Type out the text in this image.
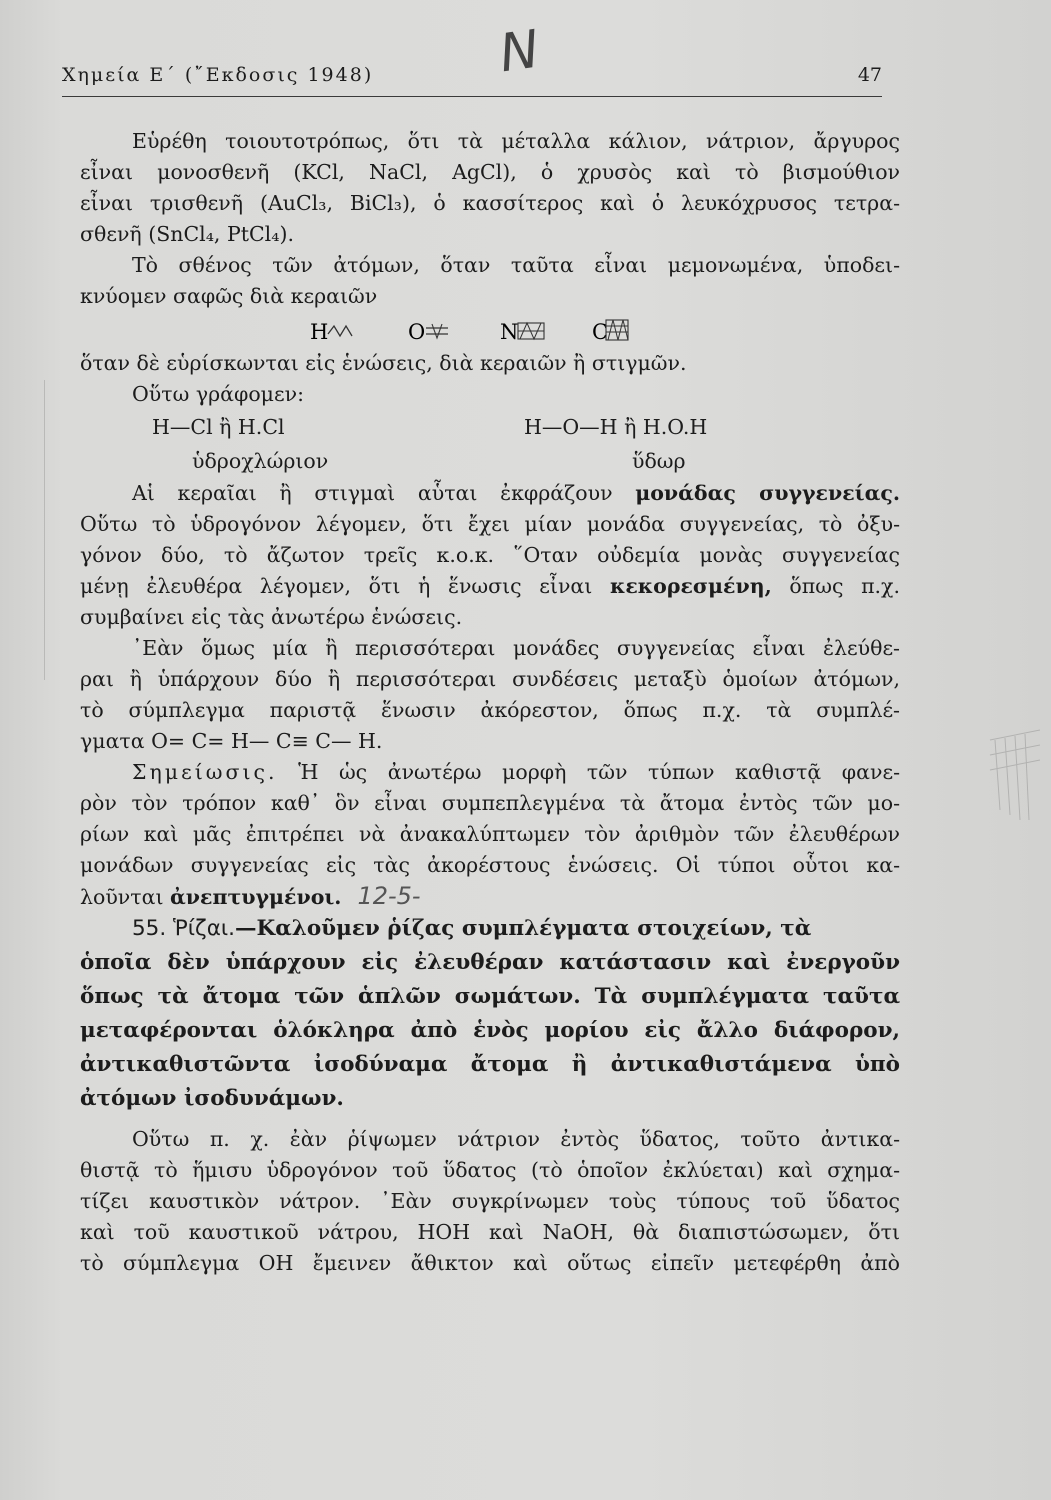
Χημεία Ε΄ (῎Εκδοσις 1948)	47
N
Εὑρέθη τοιουτοτρόπως, ὅτι τὰ μέταλλα κάλιον, νάτριον, ἄργυρος
εἶναι μονοσθενῆ (KCl, NaCl, AgCl), ὁ χρυσὸς καὶ τὸ βισμούθιον
εἶναι τρισθενῆ (AuCl₃, BiCl₃), ὁ κασσίτερος καὶ ὁ λευκόχρυσος τετρα-
σθενῆ (SnCl₄, PtCl₄).
Τὸ σθένος τῶν ἀτόμων, ὅταν ταῦτα εἶναι μεμονωμένα, ὑποδει-
κνύομεν σαφῶς διὰ κεραιῶν
H	O	N	C
ὅταν δὲ εὑρίσκωνται εἰς ἑνώσεις, διὰ κεραιῶν ἢ στιγμῶν.
Οὕτω γράφομεν:
H—Cl ἢ H.Cl	H—O—H ἢ H.O.H
ὑδροχλώριον	ὕδωρ
Αἱ κεραῖαι ἢ στιγμαὶ αὗται ἐκφράζουν μονάδας συγγενείας.
Οὕτω τὸ ὑδρογόνον λέγομεν, ὅτι ἔχει μίαν μονάδα συγγενείας, τὸ ὀξυ-
γόνον δύο, τὸ ἄζωτον τρεῖς κ.ο.κ. ῞Οταν οὐδεμία μονὰς συγγενείας
μένῃ ἐλευθέρα λέγομεν, ὅτι ἡ ἕνωσις εἶναι κεκορεσμένη, ὅπως π.χ.
συμβαίνει εἰς τὰς ἀνωτέρω ἑνώσεις.
᾿Εὰν ὅμως μία ἢ περισσότεραι μονάδες συγγενείας εἶναι ἐλεύθε-
ραι ἢ ὑπάρχουν δύο ἢ περισσότεραι συνδέσεις μεταξὺ ὁμοίων ἀτόμων,
τὸ σύμπλεγμα παριστᾷ ἕνωσιν ἀκόρεστον, ὅπως π.χ. τὰ συμπλέ-
γματα O= C= H— C≡ C— H.
Σημείωσις. Ἡ ὡς ἀνωτέρω μορφὴ τῶν τύπων καθιστᾷ φανε-
ρὸν τὸν τρόπον καθ᾿ ὃν εἶναι συμπεπλεγμένα τὰ ἄτομα ἐντὸς τῶν μο-
ρίων καὶ μᾶς ἐπιτρέπει νὰ ἀνακαλύπτωμεν τὸν ἀριθμὸν τῶν ἐλευθέρων
μονάδων συγγενείας εἰς τὰς ἀκορέστους ἑνώσεις. Οἱ τύποι οὗτοι κα-
λοῦνται ἀνεπτυγμένοι. 12-5-
55. Ῥίζαι.—Καλοῦμεν ῥίζας συμπλέγματα στοιχείων, τὰ
ὁποῖα δὲν ὑπάρχουν εἰς ἐλευθέραν κατάστασιν καὶ ἐνεργοῦν
ὅπως τὰ ἄτομα τῶν ἁπλῶν σωμάτων. Τὰ συμπλέγματα ταῦτα
μεταφέρονται ὁλόκληρα ἀπὸ ἑνὸς μορίου εἰς ἄλλο διάφορον,
ἀντικαθιστῶντα ἰσοδύναμα ἄτομα ἢ ἀντικαθιστάμενα ὑπὸ
ἀτόμων ἰσοδυνάμων.
Οὕτω π. χ. ἐὰν ῥίψωμεν νάτριον ἐντὸς ὕδατος, τοῦτο ἀντικα-
θιστᾷ τὸ ἥμισυ ὑδρογόνον τοῦ ὕδατος (τὸ ὁποῖον ἐκλύεται) καὶ σχημα-
τίζει καυστικὸν νάτρον. ᾿Εὰν συγκρίνωμεν τοὺς τύπους τοῦ ὕδατος
καὶ τοῦ καυστικοῦ νάτρου, HOH καὶ NaOH, θὰ διαπιστώσωμεν, ὅτι
τὸ σύμπλεγμα OH ἔμεινεν ἄθικτον καὶ οὕτως εἰπεῖν μετεφέρθη ἀπὸ
